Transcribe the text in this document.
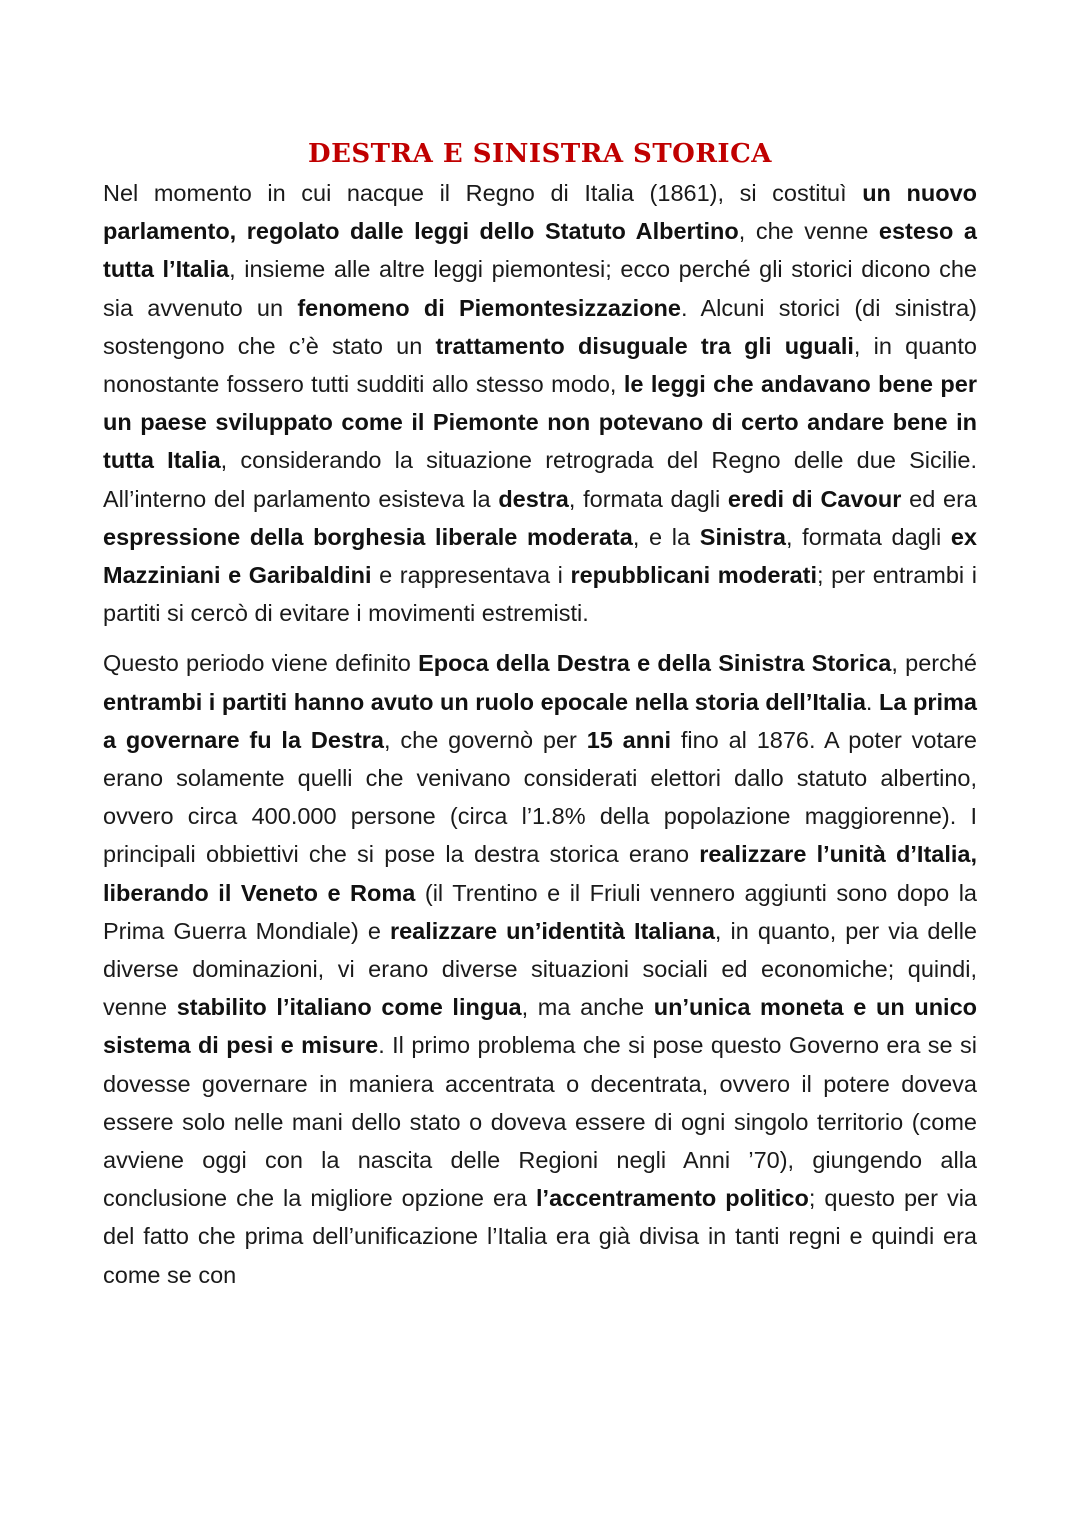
DESTRA E SINISTRA STORICA

Nel momento in cui nacque il Regno di Italia (1861), si costituì un nuovo parlamento, regolato dalle leggi dello Statuto Albertino, che venne esteso a tutta l’Italia, insieme alle altre leggi piemontesi; ecco perché gli storici dicono che sia avvenuto un fenomeno di Piemontesizzazione. Alcuni storici (di sinistra) sostengono che c’è stato un trattamento disuguale tra gli uguali, in quanto nonostante fossero tutti sudditi allo stesso modo, le leggi che andavano bene per un paese sviluppato come il Piemonte non potevano di certo andare bene in tutta Italia, considerando la situazione retrograda del Regno delle due Sicilie. All’interno del parlamento esisteva la destra, formata dagli eredi di Cavour ed era espressione della borghesia liberale moderata, e la Sinistra, formata dagli ex Mazziniani e Garibaldini e rappresentava i repubblicani moderati; per entrambi i partiti si cercò di evitare i movimenti estremisti.

Questo periodo viene definito Epoca della Destra e della Sinistra Storica, perché entrambi i partiti hanno avuto un ruolo epocale nella storia dell’Italia. La prima a governare fu la Destra, che governò per 15 anni fino al 1876. A poter votare erano solamente quelli che venivano considerati elettori dallo statuto albertino, ovvero circa 400.000 persone (circa l’1.8% della popolazione maggiorenne). I principali obbiettivi che si pose la destra storica erano realizzare l’unità d’Italia, liberando il Veneto e Roma (il Trentino e il Friuli vennero aggiunti sono dopo la Prima Guerra Mondiale) e realizzare un’identità Italiana, in quanto, per via delle diverse dominazioni, vi erano diverse situazioni sociali ed economiche; quindi, venne stabilito l’italiano come lingua, ma anche un’unica moneta e un unico sistema di pesi e misure. Il primo problema che si pose questo Governo era se si dovesse governare in maniera accentrata o decentrata, ovvero il potere doveva essere solo nelle mani dello stato o doveva essere di ogni singolo territorio (come avviene oggi con la nascita delle Regioni negli Anni ’70), giungendo alla conclusione che la migliore opzione era l’accentramento politico; questo per via del fatto che prima dell’unificazione l’Italia era già divisa in tanti regni e quindi era come se con
